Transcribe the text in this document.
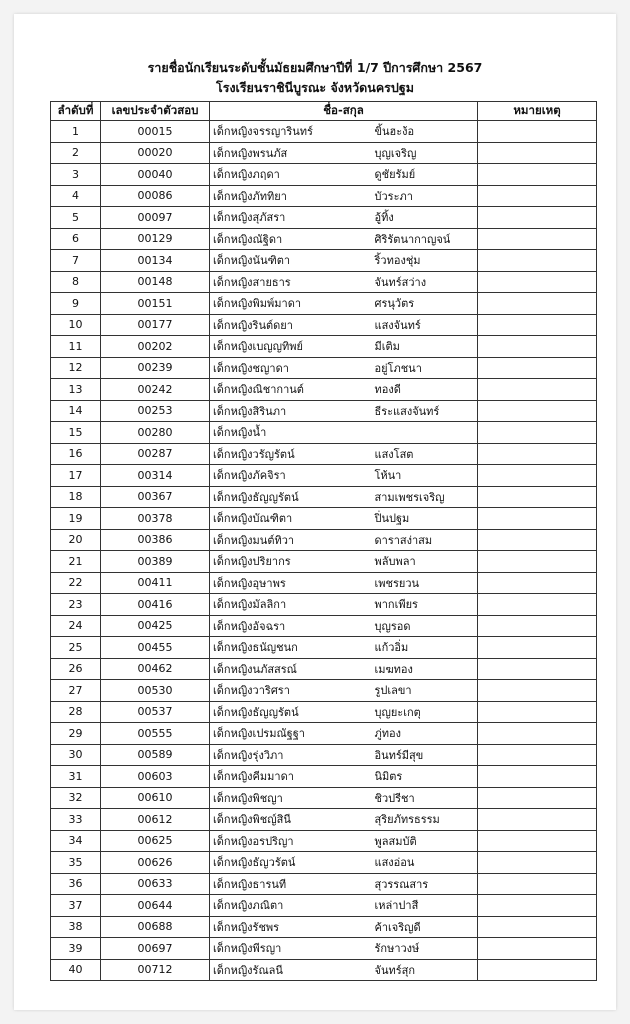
รายชื่อนักเรียนระดับชั้นมัธยมศึกษาปีที่ 1/7 ปีการศึกษา 2567
โรงเรียนราชินีบูรณะ จังหวัดนครปฐม
ลำดับที่	เลขประจำตัวสอบ	ชื่อ-สกุล		หมายเหตุ
1	00015	เด็กหญิงจรรญารินทร์	ขิ้นฮะง้อ	
2	00020	เด็กหญิงพรนภัส	บุญเจริญ	
3	00040	เด็กหญิงภฤดา	ดูชัยรัมย์	
4	00086	เด็กหญิงภัททิยา	บัวระภา	
5	00097	เด็กหญิงสุภัสรา	อู้ทิ้ง	
6	00129	เด็กหญิงณัฐิดา	ศิริรัตนากาญจน์	
7	00134	เด็กหญิงนันฑิตา	ริ้วทองชุ่ม	
8	00148	เด็กหญิงสายธาร	จันทร์สว่าง	
9	00151	เด็กหญิงพิมพ์มาดา	ศรนุวัตร	
10	00177	เด็กหญิงรินต์ดยา	แสงจันทร์	
11	00202	เด็กหญิงเบญญทิพย์	มีเติม	
12	00239	เด็กหญิงชญาดา	อยู่โภชนา	
13	00242	เด็กหญิงณิชากานต์	ทองดี	
14	00253	เด็กหญิงสิรินภา	ธีระแสงจันทร์	
15	00280	เด็กหญิงน้ำ		
16	00287	เด็กหญิงวรัญรัตน์	แสงโสต	
17	00314	เด็กหญิงภัคจิรา	โห้นา	
18	00367	เด็กหญิงธัญญรัตน์	สามเพชรเจริญ	
19	00378	เด็กหญิงบัณฑิตา	ปิ่นปฐม	
20	00386	เด็กหญิงมนต์ทิวา	ดาราสง่าสม	
21	00389	เด็กหญิงปริยากร	พลับพลา	
22	00411	เด็กหญิงอุษาพร	เพชรยวน	
23	00416	เด็กหญิงมัลลิกา	พากเพียร	
24	00425	เด็กหญิงอัจฉรา	บุญรอด	
25	00455	เด็กหญิงธนัญชนก	แก้วอิ่ม	
26	00462	เด็กหญิงนภัสสรณ์	เมฆทอง	
27	00530	เด็กหญิงวาริศรา	รูปเลขา	
28	00537	เด็กหญิงธัญญรัตน์	บุญยะเกตุ	
29	00555	เด็กหญิงเปรมณัฐฐา	ภู่ทอง	
30	00589	เด็กหญิงรุ่งวิภา	อินทร์มีสุข	
31	00603	เด็กหญิงคีมมาดา	นิมิตร	
32	00610	เด็กหญิงพิชญา	ชิวปรีชา	
33	00612	เด็กหญิงพิชญ์สินี	สุริยภัทรธรรม	
34	00625	เด็กหญิงอรปริญา	พูลสมบัติ	
35	00626	เด็กหญิงธัญวรัตน์	แสงอ่อน	
36	00633	เด็กหญิงธารนที	สุวรรณสาร	
37	00644	เด็กหญิงภณิตา	เหล่าปาสี	
38	00688	เด็กหญิงรัชพร	ค้าเจริญดี	
39	00697	เด็กหญิงพีรญา	รักษาวงษ์	
40	00712	เด็กหญิงรัณลนี	จันทร์สุก	
